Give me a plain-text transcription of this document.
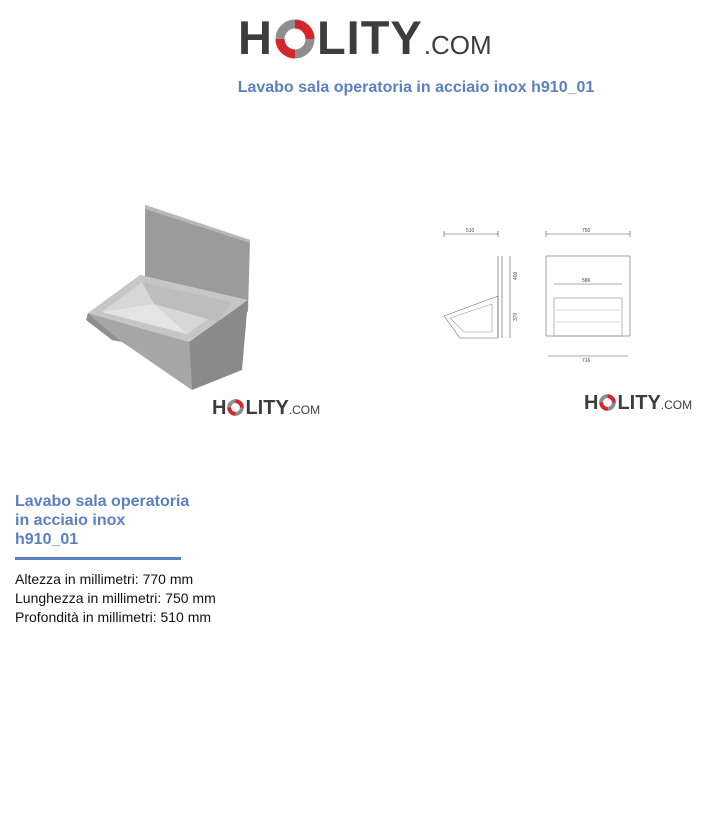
H LITY .COM
Lavabo sala operatoria in acciaio inox h910_01
H LITY .COM
510
400
370
750
586
716
H LITY .COM
Lavabo sala operatoria
in acciaio inox
h910_01
Altezza in millimetri: 770 mm
Lunghezza in millimetri: 750 mm
Profondità in millimetri: 510 mm
